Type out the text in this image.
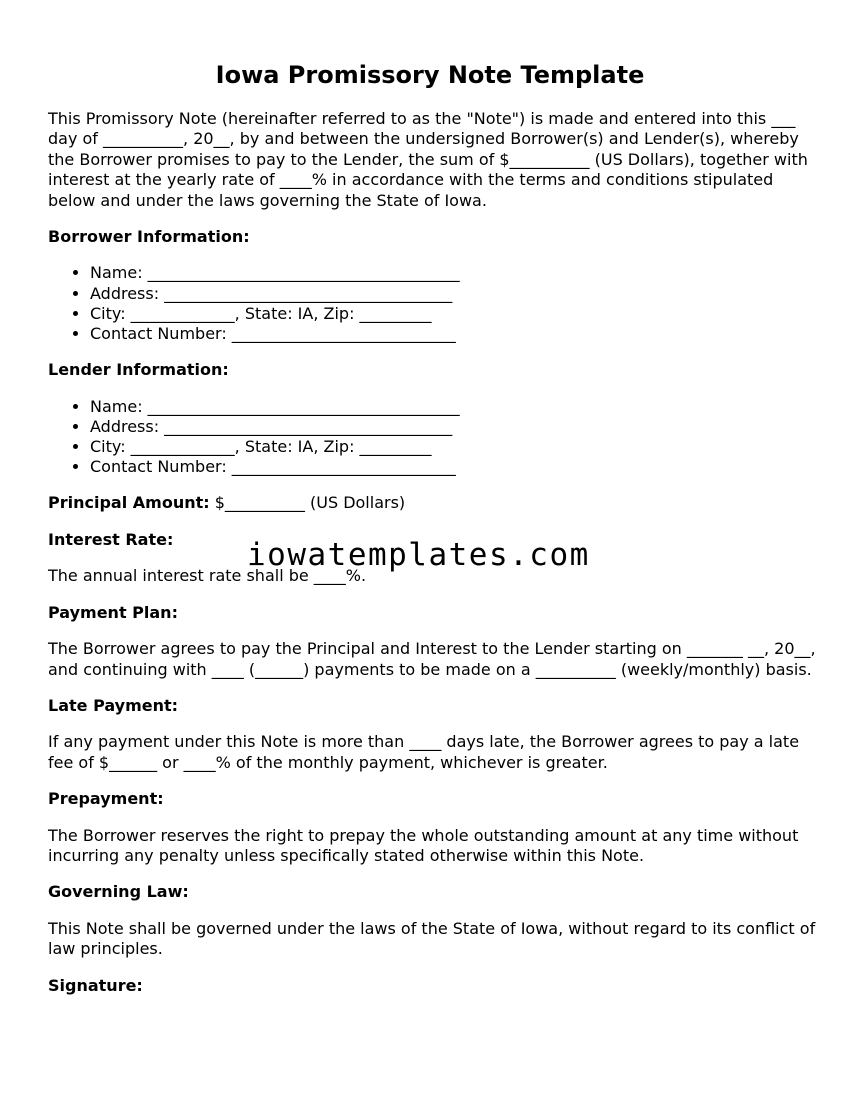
Iowa Promissory Note Template

This Promissory Note (hereinafter referred to as the "Note") is made and entered into this ___ day of __________, 20__, by and between the undersigned Borrower(s) and Lender(s), whereby the Borrower promises to pay to the Lender, the sum of $__________ (US Dollars), together with interest at the yearly rate of ____% in accordance with the terms and conditions stipulated below and under the laws governing the State of Iowa.

Borrower Information:

• Name: _______________________________________
• Address: ____________________________________
• City: _____________, State: IA, Zip: _________
• Contact Number: ____________________________

Lender Information:

• Name: _______________________________________
• Address: ____________________________________
• City: _____________, State: IA, Zip: _________
• Contact Number: ____________________________

Principal Amount: $__________ (US Dollars)

Interest Rate:

The annual interest rate shall be ____%.

Payment Plan:

The Borrower agrees to pay the Principal and Interest to the Lender starting on _______ __, 20__, and continuing with ____ (______) payments to be made on a __________ (weekly/monthly) basis.

Late Payment:

If any payment under this Note is more than ____ days late, the Borrower agrees to pay a late fee of $______ or ____% of the monthly payment, whichever is greater.

Prepayment:

The Borrower reserves the right to prepay the whole outstanding amount at any time without incurring any penalty unless specifically stated otherwise within this Note.

Governing Law:

This Note shall be governed under the laws of the State of Iowa, without regard to its conflict of law principles.

Signature:

iowatemplates.com
